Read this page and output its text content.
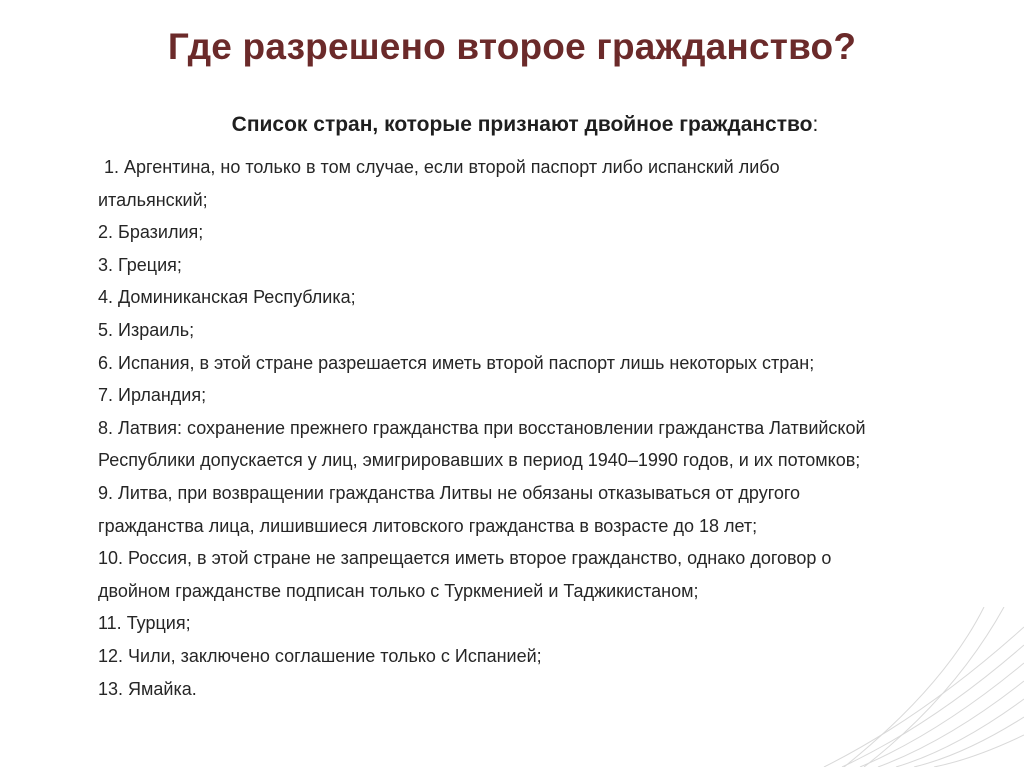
Где разрешено второе гражданство?
Список стран, которые признают двойное гражданство:
1. Аргентина, но только в том случае, если второй паспорт либо испанский либо
итальянский;
2. Бразилия;
3. Греция;
4. Доминиканская Республика;
5. Израиль;
6. Испания, в этой стране разрешается иметь второй паспорт лишь некоторых стран;
7. Ирландия;
8. Латвия: сохранение прежнего гражданства при восстановлении гражданства Латвийской
Республики допускается у лиц, эмигрировавших в период 1940–1990 годов, и их потомков;
9. Литва, при возвращении гражданства Литвы не обязаны отказываться от другого
гражданства лица, лишившиеся литовского гражданства в возрасте до 18 лет;
10. Россия, в этой стране не запрещается иметь второе гражданство, однако договор о
двойном гражданстве подписан только с Туркменией и Таджикистаном;
11. Турция;
12. Чили, заключено соглашение только с Испанией;
13. Ямайка.
